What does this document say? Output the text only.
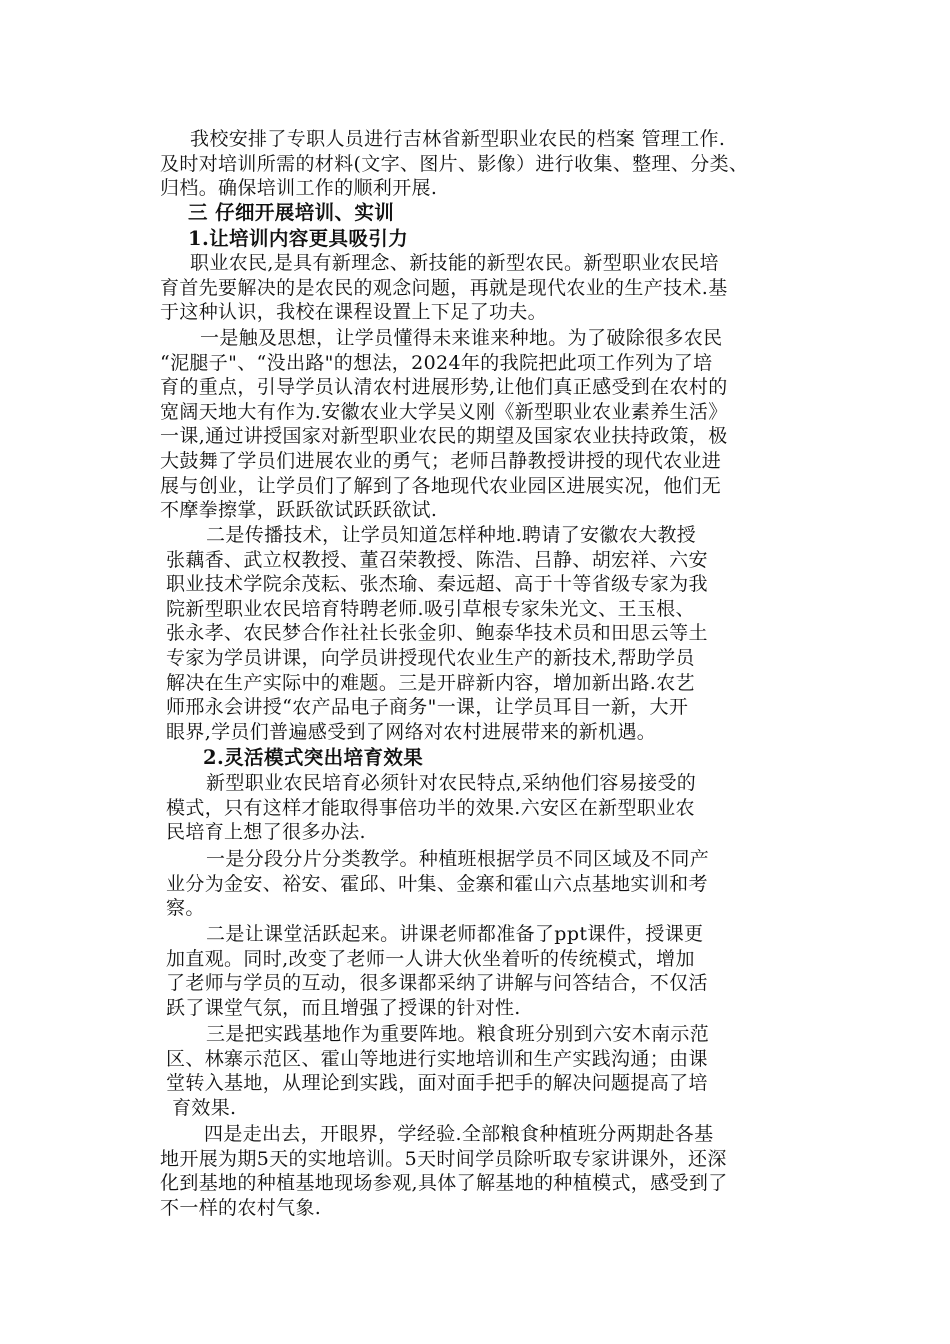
我校安排了专职人员进行吉林省新型职业农民的档案 管理工作.
及时对培训所需的材料(文字、图片、影像）进行收集、整理、分类、
归档。确保培训工作的顺利开展.
三 仔细开展培训、实训
1.让培训内容更具吸引力
职业农民,是具有新理念、新技能的新型农民。新型职业农民培
育首先要解决的是农民的观念问题，再就是现代农业的生产技术.基
于这种认识，我校在课程设置上下足了功夫。
一是触及思想，让学员懂得未来谁来种地。为了破除很多农民
“泥腿子"、“没出路"的想法，2024年的我院把此项工作列为了培
育的重点，引导学员认清农村进展形势,让他们真正感受到在农村的
宽阔天地大有作为.安徽农业大学吴义刚《新型职业农业素养生活》
一课,通过讲授国家对新型职业农民的期望及国家农业扶持政策，极
大鼓舞了学员们进展农业的勇气；老师吕静教授讲授的现代农业进
展与创业，让学员们了解到了各地现代农业园区进展实况，他们无
不摩拳擦掌，跃跃欲试跃跃欲试.
二是传播技术，让学员知道怎样种地.聘请了安徽农大教授
张藕香、武立权教授、董召荣教授、陈浩、吕静、胡宏祥、六安
职业技术学院余茂耘、张杰瑜、秦远超、高于十等省级专家为我
院新型职业农民培育特聘老师.吸引草根专家朱光文、王玉根、
张永孝、农民梦合作社社长张金卯、鲍泰华技术员和田思云等土
专家为学员讲课，向学员讲授现代农业生产的新技术,帮助学员
解决在生产实际中的难题。三是开辟新内容，增加新出路.农艺
师邢永会讲授“农产品电子商务"一课，让学员耳目一新，大开
眼界,学员们普遍感受到了网络对农村进展带来的新机遇。
2.灵活模式突出培育效果
新型职业农民培育必须针对农民特点,采纳他们容易接受的
模式，只有这样才能取得事倍功半的效果.六安区在新型职业农
民培育上想了很多办法.
一是分段分片分类教学。种植班根据学员不同区域及不同产
业分为金安、裕安、霍邱、叶集、金寨和霍山六点基地实训和考
察。
二是让课堂活跃起来。讲课老师都准备了ppt课件，授课更
加直观。同时,改变了老师一人讲大伙坐着听的传统模式，增加
了老师与学员的互动，很多课都采纳了讲解与问答结合，不仅活
跃了课堂气氛，而且增强了授课的针对性.
三是把实践基地作为重要阵地。粮食班分别到六安木南示范
区、林寨示范区、霍山等地进行实地培训和生产实践沟通；由课
堂转入基地，从理论到实践，面对面手把手的解决问题提高了培
育效果.
四是走出去，开眼界，学经验.全部粮食种植班分两期赴各基
地开展为期5天的实地培训。5天时间学员除听取专家讲课外，还深
化到基地的种植基地现场参观,具体了解基地的种植模式，感受到了
不一样的农村气象.
